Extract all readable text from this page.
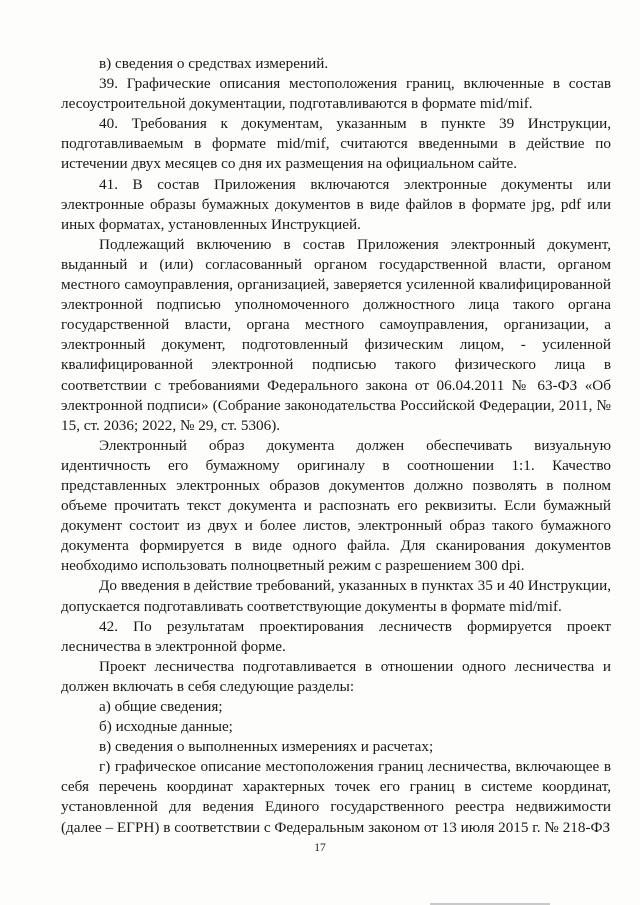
в) сведения о средствах измерений.

39. Графические описания местоположения границ, включенные в состав лесоустроительной документации, подготавливаются в формате mid/mif.

40. Требования к документам, указанным в пункте 39 Инструкции, подготавливаемым в формате mid/mif, считаются введенными в действие по истечении двух месяцев со дня их размещения на официальном сайте.

41. В состав Приложения включаются электронные документы или электронные образы бумажных документов в виде файлов в формате jpg, pdf или иных форматах, установленных Инструкцией.

Подлежащий включению в состав Приложения электронный документ, выданный и (или) согласованный органом государственной власти, органом местного самоуправления, организацией, заверяется усиленной квалифицированной электронной подписью уполномоченного должностного лица такого органа государственной власти, органа местного самоуправления, организации, а электронный документ, подготовленный физическим лицом, - усиленной квалифицированной электронной подписью такого физического лица в соответствии с требованиями Федерального закона от 06.04.2011 № 63-ФЗ «Об электронной подписи» (Собрание законодательства Российской Федерации, 2011, № 15, ст. 2036; 2022, № 29, ст. 5306).

Электронный образ документа должен обеспечивать визуальную идентичность его бумажному оригиналу в соотношении 1:1. Качество представленных электронных образов документов должно позволять в полном объеме прочитать текст документа и распознать его реквизиты. Если бумажный документ состоит из двух и более листов, электронный образ такого бумажного документа формируется в виде одного файла. Для сканирования документов необходимо использовать полноцветный режим с разрешением 300 dpi.

До введения в действие требований, указанных в пунктах 35 и 40 Инструкции, допускается подготавливать соответствующие документы в формате mid/mif.

42. По результатам проектирования лесничеств формируется проект лесничества в электронной форме.

Проект лесничества подготавливается в отношении одного лесничества и должен включать в себя следующие разделы:

а) общие сведения;

б) исходные данные;

в) сведения о выполненных измерениях и расчетах;

г) графическое описание местоположения границ лесничества, включающее в себя перечень координат характерных точек его границ в системе координат, установленной для ведения Единого государственного реестра недвижимости (далее – ЕГРН) в соответствии с Федеральным законом от 13 июля 2015 г. № 218-ФЗ

17
